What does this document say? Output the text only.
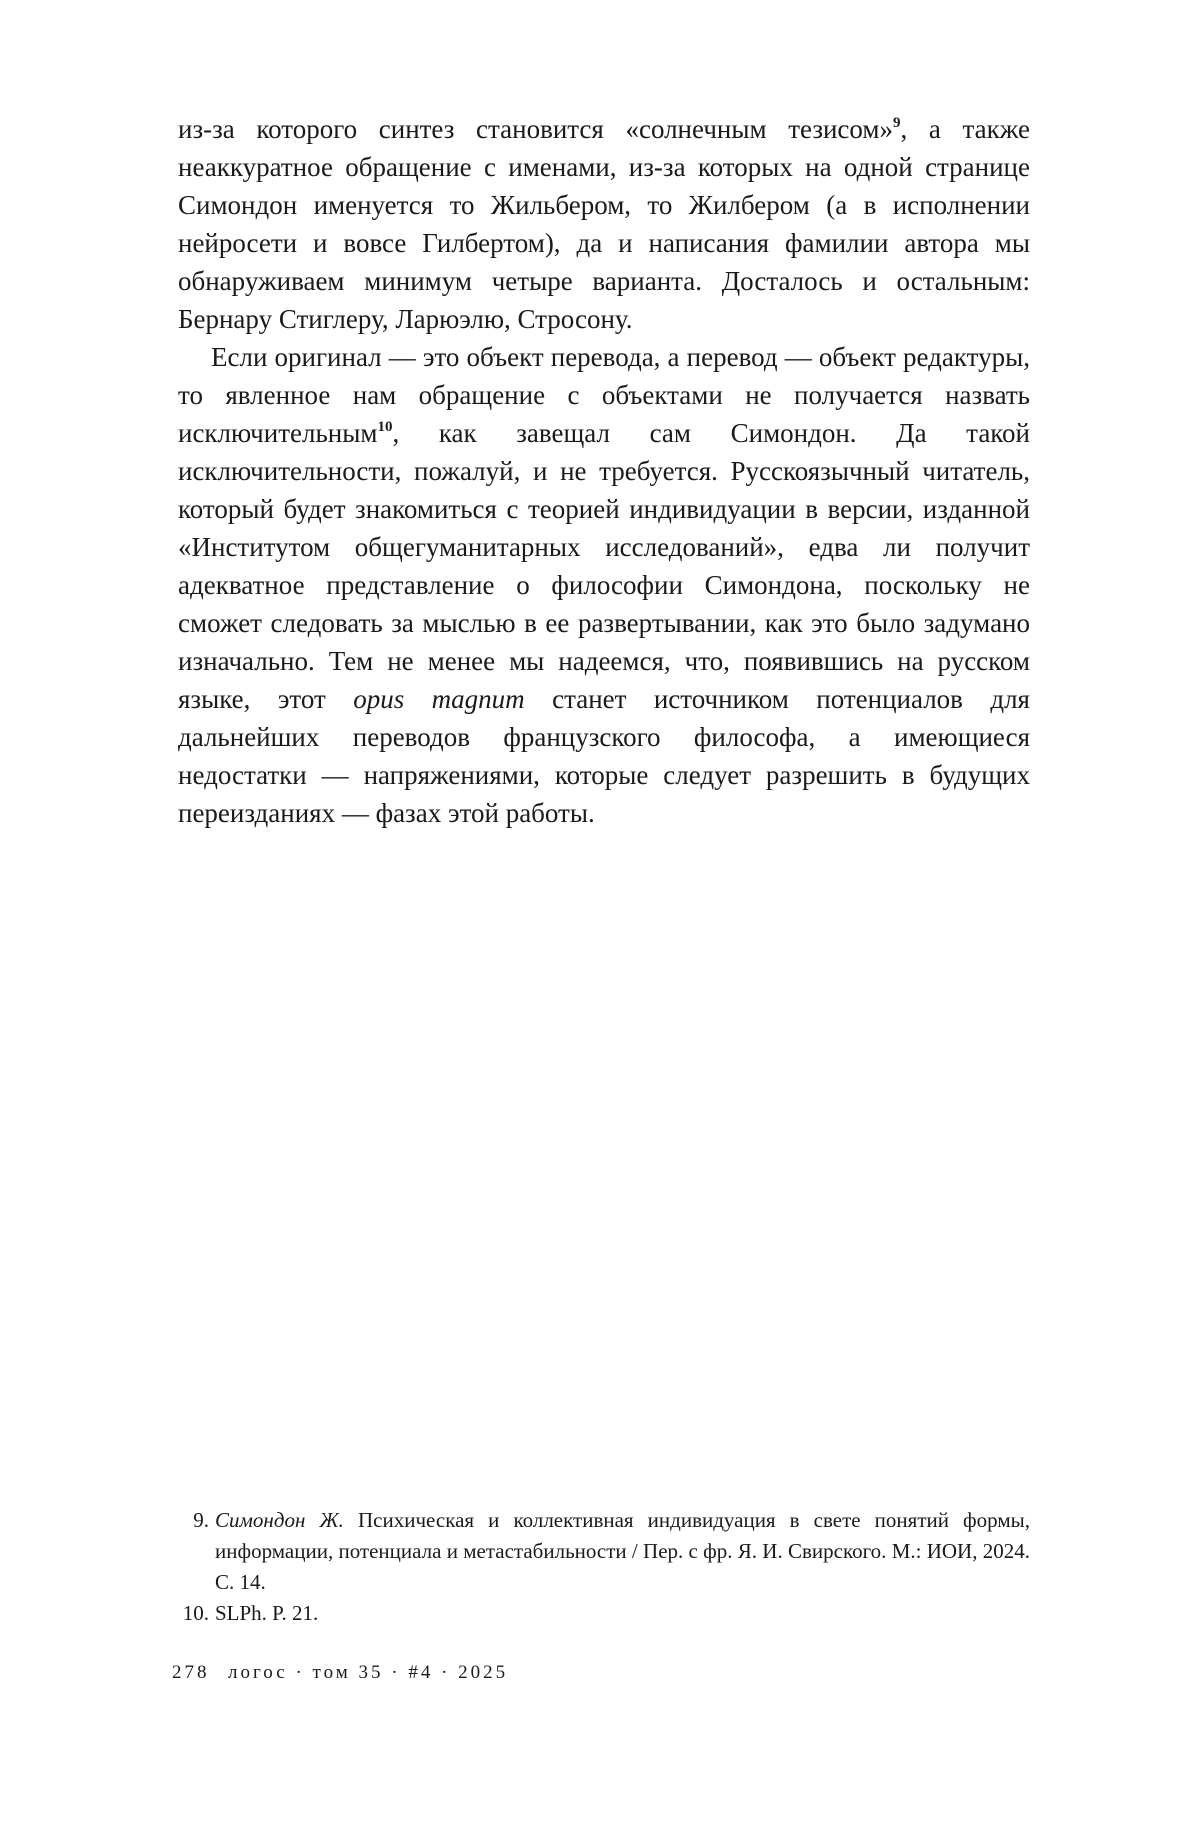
из-за которого синтез становится «солнечным тезисом»$^9$, а также неаккуратное обращение с именами, из-за которых на одной странице Симондон именуется то Жильбером, то Жилбером (а в исполнении нейросети и вовсе Гилбертом), да и написания фамилии автора мы обнаруживаем минимум четыре варианта. Досталось и остальным: Бернару Стиглеру, Ларюэлю, Стросону.

Если оригинал — это объект перевода, а перевод — объект редактуры, то явленное нам обращение с объектами не получается назвать исключительным$^{10}$, как завещал сам Симондон. Да такой исключительности, пожалуй, и не требуется. Русскоязычный читатель, который будет знакомиться с теорией индивидуации в версии, изданной «Институтом общегуманитарных исследований», едва ли получит адекватное представление о философии Симондона, поскольку не сможет следовать за мыслью в ее развертывании, как это было задумано изначально. Тем не менее мы надеемся, что, появившись на русском языке, этот opus magnum станет источником потенциалов для дальнейших переводов французского философа, а имеющиеся недостатки — напряжениями, которые следует разрешить в будущих переизданиях — фазах этой работы.

9. Симондон Ж. Психическая и коллективная индивидуация в свете понятий формы, информации, потенциала и метастабильности / Пер. с фр. Я. И. Свирского. М.: ИОИ, 2024. С. 14.

10. SLPh. P. 21.

278 логос · том 35 · #4 · 2025
